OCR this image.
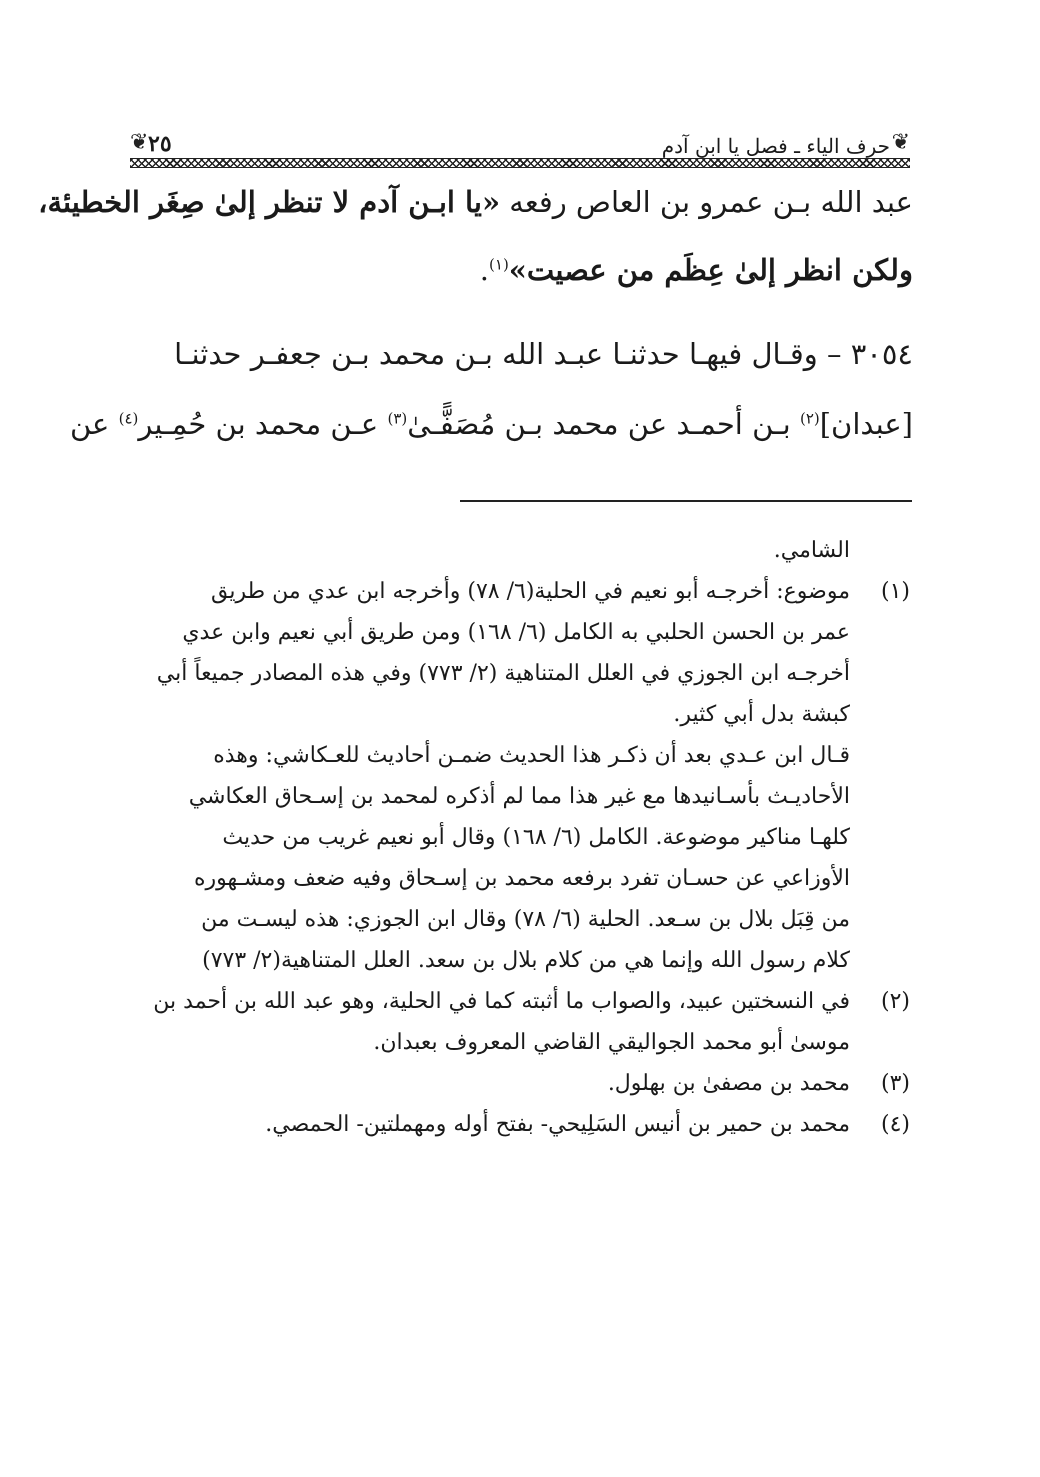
❦
حرف الياء ـ فصل يا ابن آدم
٢٥
❦
عبد الله بـن عمرو بن العاص رفعه «يا ابـن آدم لا تنظر إلىٰ صِغَر الخطيئة،
ولكن انظر إلىٰ عِظَم من عصيت»$^{(١)}$.
٣٠٥٤ – وقـال فيهـا حدثنـا عبـد الله بـن محمد بـن جعفـر حدثنـا
[عبدان]$^{(٢)}$ بـن أحمـد عن محمد بـن مُصَفًّـىٰ$^{(٣)}$ عـن محمد بن حُمِـير$^{(٤)}$ عن
الشامي.
(١)موضوع: أخرجـه أبو نعيم في الحلية(٦/ ٧٨) وأخرجه ابن عدي من طريق
عمر بن الحسن الحلبي به الكامل (٦/ ١٦٨) ومن طريق أبي نعيم وابن عدي
أخرجـه ابن الجوزي في العلل المتناهية (٢/ ٧٧٣) وفي هذه المصادر جميعاً أبي
كبشة بدل أبي كثير.
قـال ابن عـدي بعد أن ذكـر هذا الحديث ضمـن أحاديث للعـكاشي: وهذه
الأحاديـث بأسـانيدها مع غير هذا مما لم أذكره لمحمد بن إسـحاق العكاشي
كلهـا مناكير موضوعة. الكامل (٦/ ١٦٨) وقال أبو نعيم غريب من حديث
الأوزاعي عن حسـان تفرد برفعه محمد بن إسـحاق وفيه ضعف ومشـهوره
من قِبَل بلال بن سـعد. الحلية (٦/ ٧٨) وقال ابن الجوزي: هذه ليسـت من
كلام رسول الله وإنما هي من كلام بلال بن سعد. العلل المتناهية(٢/ ٧٧٣)
(٢)في النسختين عبيد، والصواب ما أثبته كما في الحلية، وهو عبد الله بن أحمد بن
موسىٰ أبو محمد الجواليقي القاضي المعروف بعبدان.
(٣)محمد بن مصفىٰ بن بهلول.
(٤)محمد بن حمير بن أنيس السَلِيحي- بفتح أوله ومهملتين- الحمصي.
